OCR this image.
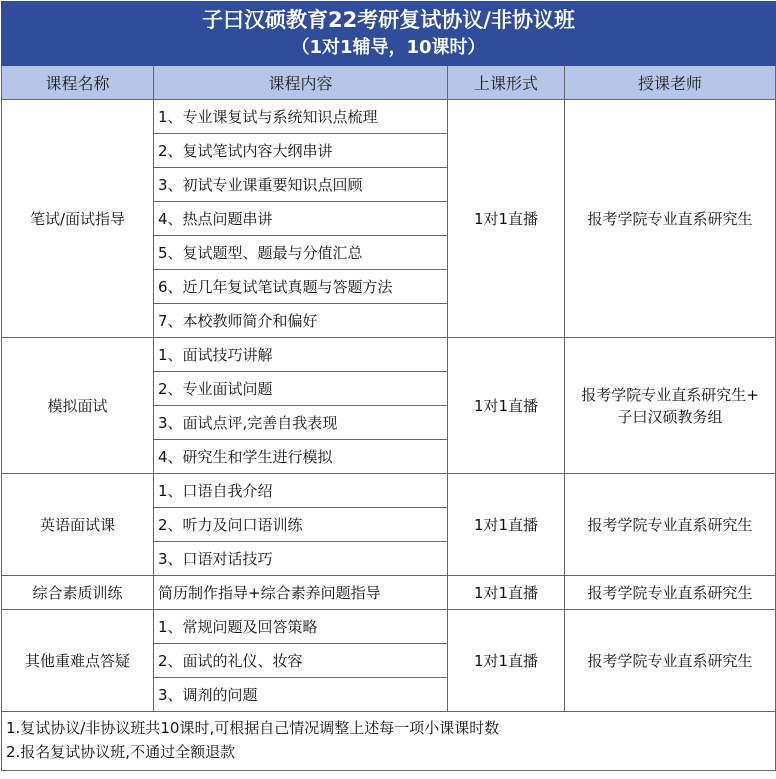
子曰汉硕教育22考研复试协议/非协议班
（1对1辅导，10课时）			

课程名称	课程内容	上课形式	授课老师
笔试/面试指导	1、专业课复试与系统知识点梳理	1对1直播	报考学院专业直系研究生
	2、复试笔试内容大纲串讲		
	3、初试专业课重要知识点回顾		
	4、热点问题串讲		
	5、复试题型、题最与分值汇总		
	6、近几年复试笔试真题与答题方法		
	7、本校教师简介和偏好		
模拟面试	1、面试技巧讲解	1对1直播	报考学院专业直系研究生+
子曰汉硕教务组
	2、专业面试问题		
	3、面试点评,完善自我表现		
	4、研究生和学生进行模拟		
英语面试课	1、口语自我介绍	1对1直播	报考学院专业直系研究生
	2、听力及问口语训练		
	3、口语对话技巧		
综合素质训练	简历制作指导+综合素养问题指导	1对1直播	报考学院专业直系研究生
其他重难点答疑	1、常规问题及回答策略	1对1直播	报考学院专业直系研究生
	2、面试的礼仪、妆容		
	3、调剂的问题		

1.复试协议/非协议班共10课时,可根据自己情况调整上述每一项小课课时数
2.报名复试协议班,不通过全额退款			
